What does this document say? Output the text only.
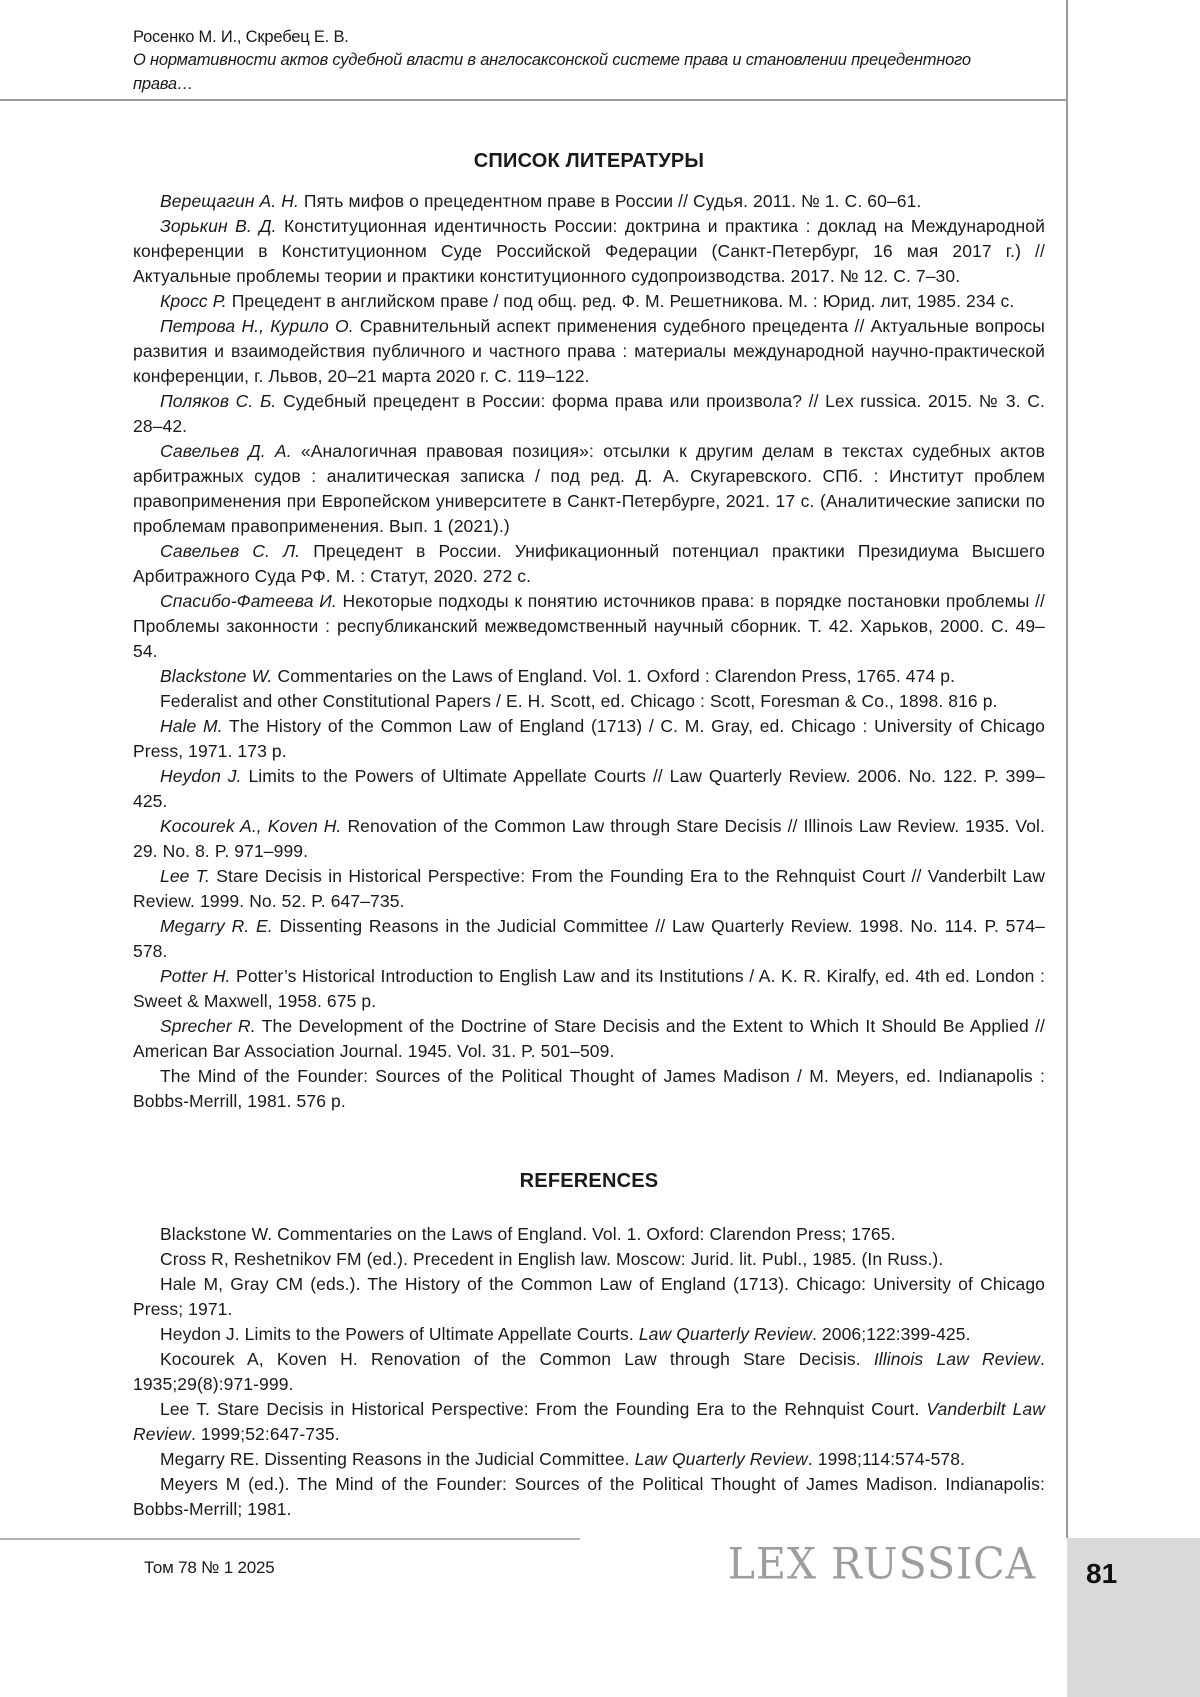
Росенко М. И., Скребец Е. В.
О нормативности актов судебной власти в англосаксонской системе права и становлении прецедентного права…
СПИСОК ЛИТЕРАТУРЫ

Верещагин А. Н. Пять мифов о прецедентном праве в России // Судья. 2011. № 1. С. 60–61.

Зорькин В. Д. Конституционная идентичность России: доктрина и практика : доклад на Международной конференции в Конституционном Суде Российской Федерации (Санкт-Петербург, 16 мая 2017 г.) // Актуальные проблемы теории и практики конституционного судопроизводства. 2017. № 12. С. 7–30.

Кросс Р. Прецедент в английском праве / под общ. ред. Ф. М. Решетникова. М. : Юрид. лит, 1985. 234 с.

Петрова Н., Курило О. Сравнительный аспект применения судебного прецедента // Актуальные вопросы развития и взаимодействия публичного и частного права : материалы международной научно-практической конференции, г. Львов, 20–21 марта 2020 г. С. 119–122.

Поляков С. Б. Судебный прецедент в России: форма права или произвола? // Lex russica. 2015. № 3. С. 28–42.

Савельев Д. А. «Аналогичная правовая позиция»: отсылки к другим делам в текстах судебных актов арбитражных судов : аналитическая записка / под ред. Д. А. Скугаревского. СПб. : Институт проблем правоприменения при Европейском университете в Санкт-Петербурге, 2021. 17 с. (Аналитические записки по проблемам правоприменения. Вып. 1 (2021).)

Савельев С. Л. Прецедент в России. Унификационный потенциал практики Президиума Высшего Арбитражного Суда РФ. М. : Статут, 2020. 272 с.

Спасибо-Фатеева И. Некоторые подходы к понятию источников права: в порядке постановки проблемы // Проблемы законности : республиканский межведомственный научный сборник. Т. 42. Харьков, 2000. С. 49–54.

Blackstone W. Commentaries on the Laws of England. Vol. 1. Oxford : Clarendon Press, 1765. 474 p.

Federalist and other Constitutional Papers / E. H. Scott, ed. Chicago : Scott, Foresman & Co., 1898. 816 p.

Hale M. The History of the Common Law of England (1713) / C. M. Gray, ed. Chicago : University of Chicago Press, 1971. 173 p.

Heydon J. Limits to the Powers of Ultimate Appellate Courts // Law Quarterly Review. 2006. No. 122. P. 399–425.

Kocourek A., Koven H. Renovation of the Common Law through Stare Decisis // Illinois Law Review. 1935. Vol. 29. No. 8. P. 971–999.

Lee T. Stare Decisis in Historical Perspective: From the Founding Era to the Rehnquist Court // Vanderbilt Law Review. 1999. No. 52. P. 647–735.

Megarry R. E. Dissenting Reasons in the Judicial Committee // Law Quarterly Review. 1998. No. 114. P. 574–578.

Potter H. Potter’s Historical Introduction to English Law and its Institutions / A. K. R. Kiralfy, ed. 4th ed. London : Sweet & Maxwell, 1958. 675 p.

Sprecher R. The Development of the Doctrine of Stare Decisis and the Extent to Which It Should Be Applied // American Bar Association Journal. 1945. Vol. 31. P. 501–509.

The Mind of the Founder: Sources of the Political Thought of James Madison / M. Meyers, ed. Indianapolis : Bobbs-Merrill, 1981. 576 p.

REFERENCES

Blackstone W. Commentaries on the Laws of England. Vol. 1. Oxford: Clarendon Press; 1765.

Cross R, Reshetnikov FM (ed.). Precedent in English law. Moscow: Jurid. lit. Publ., 1985. (In Russ.).

Hale M, Gray CM (eds.). The History of the Common Law of England (1713). Chicago: University of Chicago Press; 1971.

Heydon J. Limits to the Powers of Ultimate Appellate Courts. Law Quarterly Review. 2006;122:399-425.

Kocourek A, Koven H. Renovation of the Common Law through Stare Decisis. Illinois Law Review. 1935;29(8):971-999.

Lee T. Stare Decisis in Historical Perspective: From the Founding Era to the Rehnquist Court. Vanderbilt Law Review. 1999;52:647-735.

Megarry RE. Dissenting Reasons in the Judicial Committee. Law Quarterly Review. 1998;114:574-578.

Meyers M (ed.). The Mind of the Founder: Sources of the Political Thought of James Madison. Indianapolis: Bobbs-Merrill; 1981.

Том 78 № 1 2025	LEX RUSSICA 81
